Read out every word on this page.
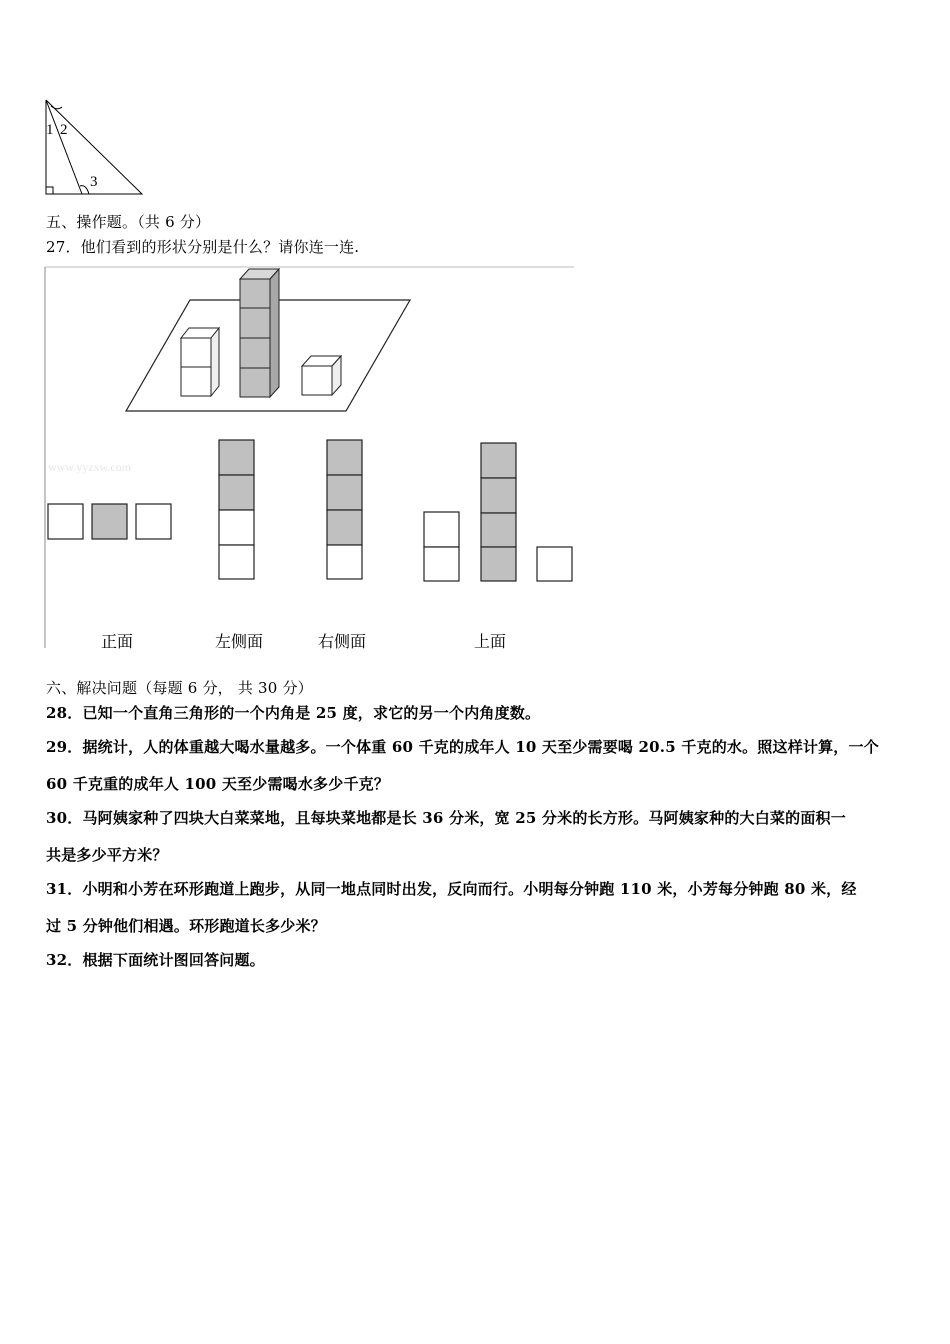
1 2
3
五、操作题。（共 6 分）
27．他们看到的形状分别是什么？请你连一连.
www.yyzxw.com
正面	左侧面	右侧面	上面
六、解决问题（每题 6 分， 共 30 分）
28．已知一个直角三角形的一个内角是 25 度，求它的另一个内角度数。
29．据统计，人的体重越大喝水量越多。一个体重 60 千克的成年人 10 天至少需要喝 20.5 千克的水。照这样计算，一个
60 千克重的成年人 100 天至少需喝水多少千克？
30．马阿姨家种了四块大白菜菜地，且每块菜地都是长 36 分米，宽 25 分米的长方形。马阿姨家种的大白菜的面积一
共是多少平方米？
31．小明和小芳在环形跑道上跑步，从同一地点同时出发，反向而行。小明每分钟跑 110 米，小芳每分钟跑 80 米，经
过 5 分钟他们相遇。环形跑道长多少米？
32．根据下面统计图回答问题。
